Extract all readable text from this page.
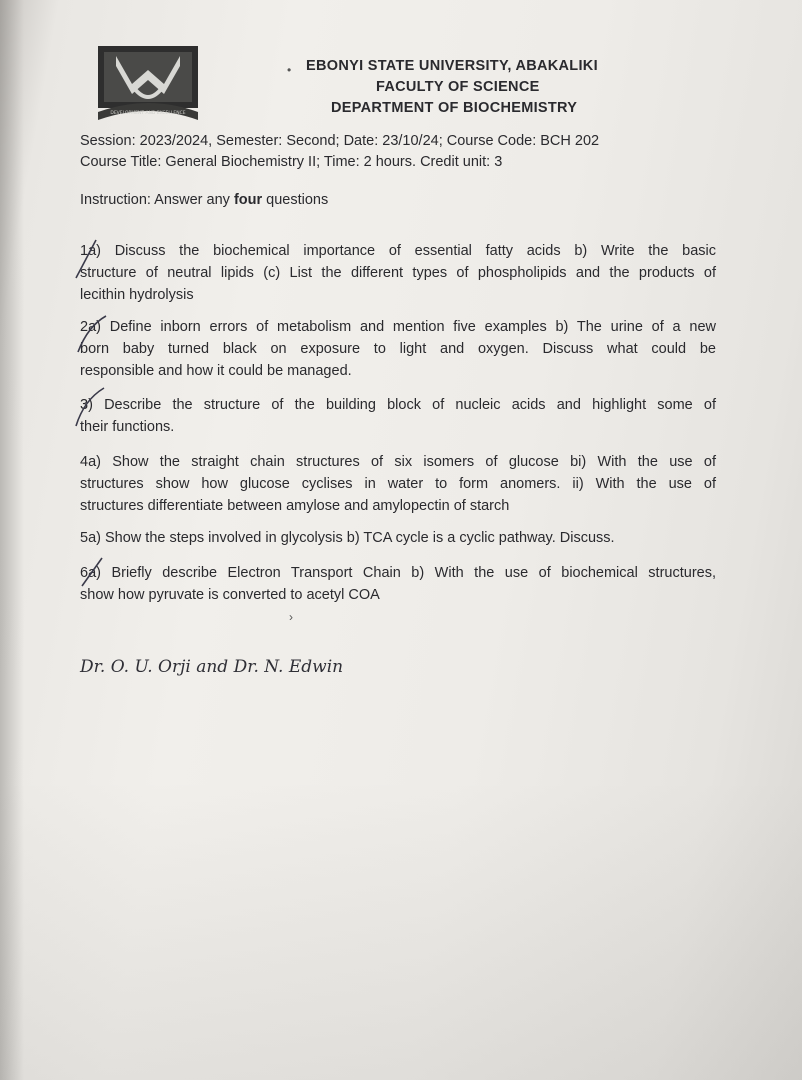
DEVELOPMENT AND EXCELLENCE
• EBONYI STATE UNIVERSITY, ABAKALIKI
FACULTY OF SCIENCE
DEPARTMENT OF BIOCHEMISTRY
Session: 2023/2024, Semester: Second; Date: 23/10/24; Course Code: BCH 202
Course Title: General Biochemistry II; Time: 2 hours. Credit unit: 3
Instruction: Answer any four questions
1a) Discuss the biochemical importance of essential fatty acids b) Write the basic
structure of neutral lipids (c) List the different types of phospholipids and the products of
lecithin hydrolysis
2a) Define inborn errors of metabolism and mention five examples b) The urine of a new
born baby turned black on exposure to light and oxygen. Discuss what could be
responsible and how it could be managed.
3) Describe the structure of the building block of nucleic acids and highlight some of
their functions.
4a) Show the straight chain structures of six isomers of glucose bi) With the use of
structures show how glucose cyclises in water to form anomers. ii) With the use of
structures differentiate between amylose and amylopectin of starch
5a) Show the steps involved in glycolysis b) TCA cycle is a cyclic pathway. Discuss.
6a) Briefly describe Electron Transport Chain b) With the use of biochemical structures,
show how pyruvate is converted to acetyl COA
›
Dr. O. U. Orji and Dr. N. Edwin
